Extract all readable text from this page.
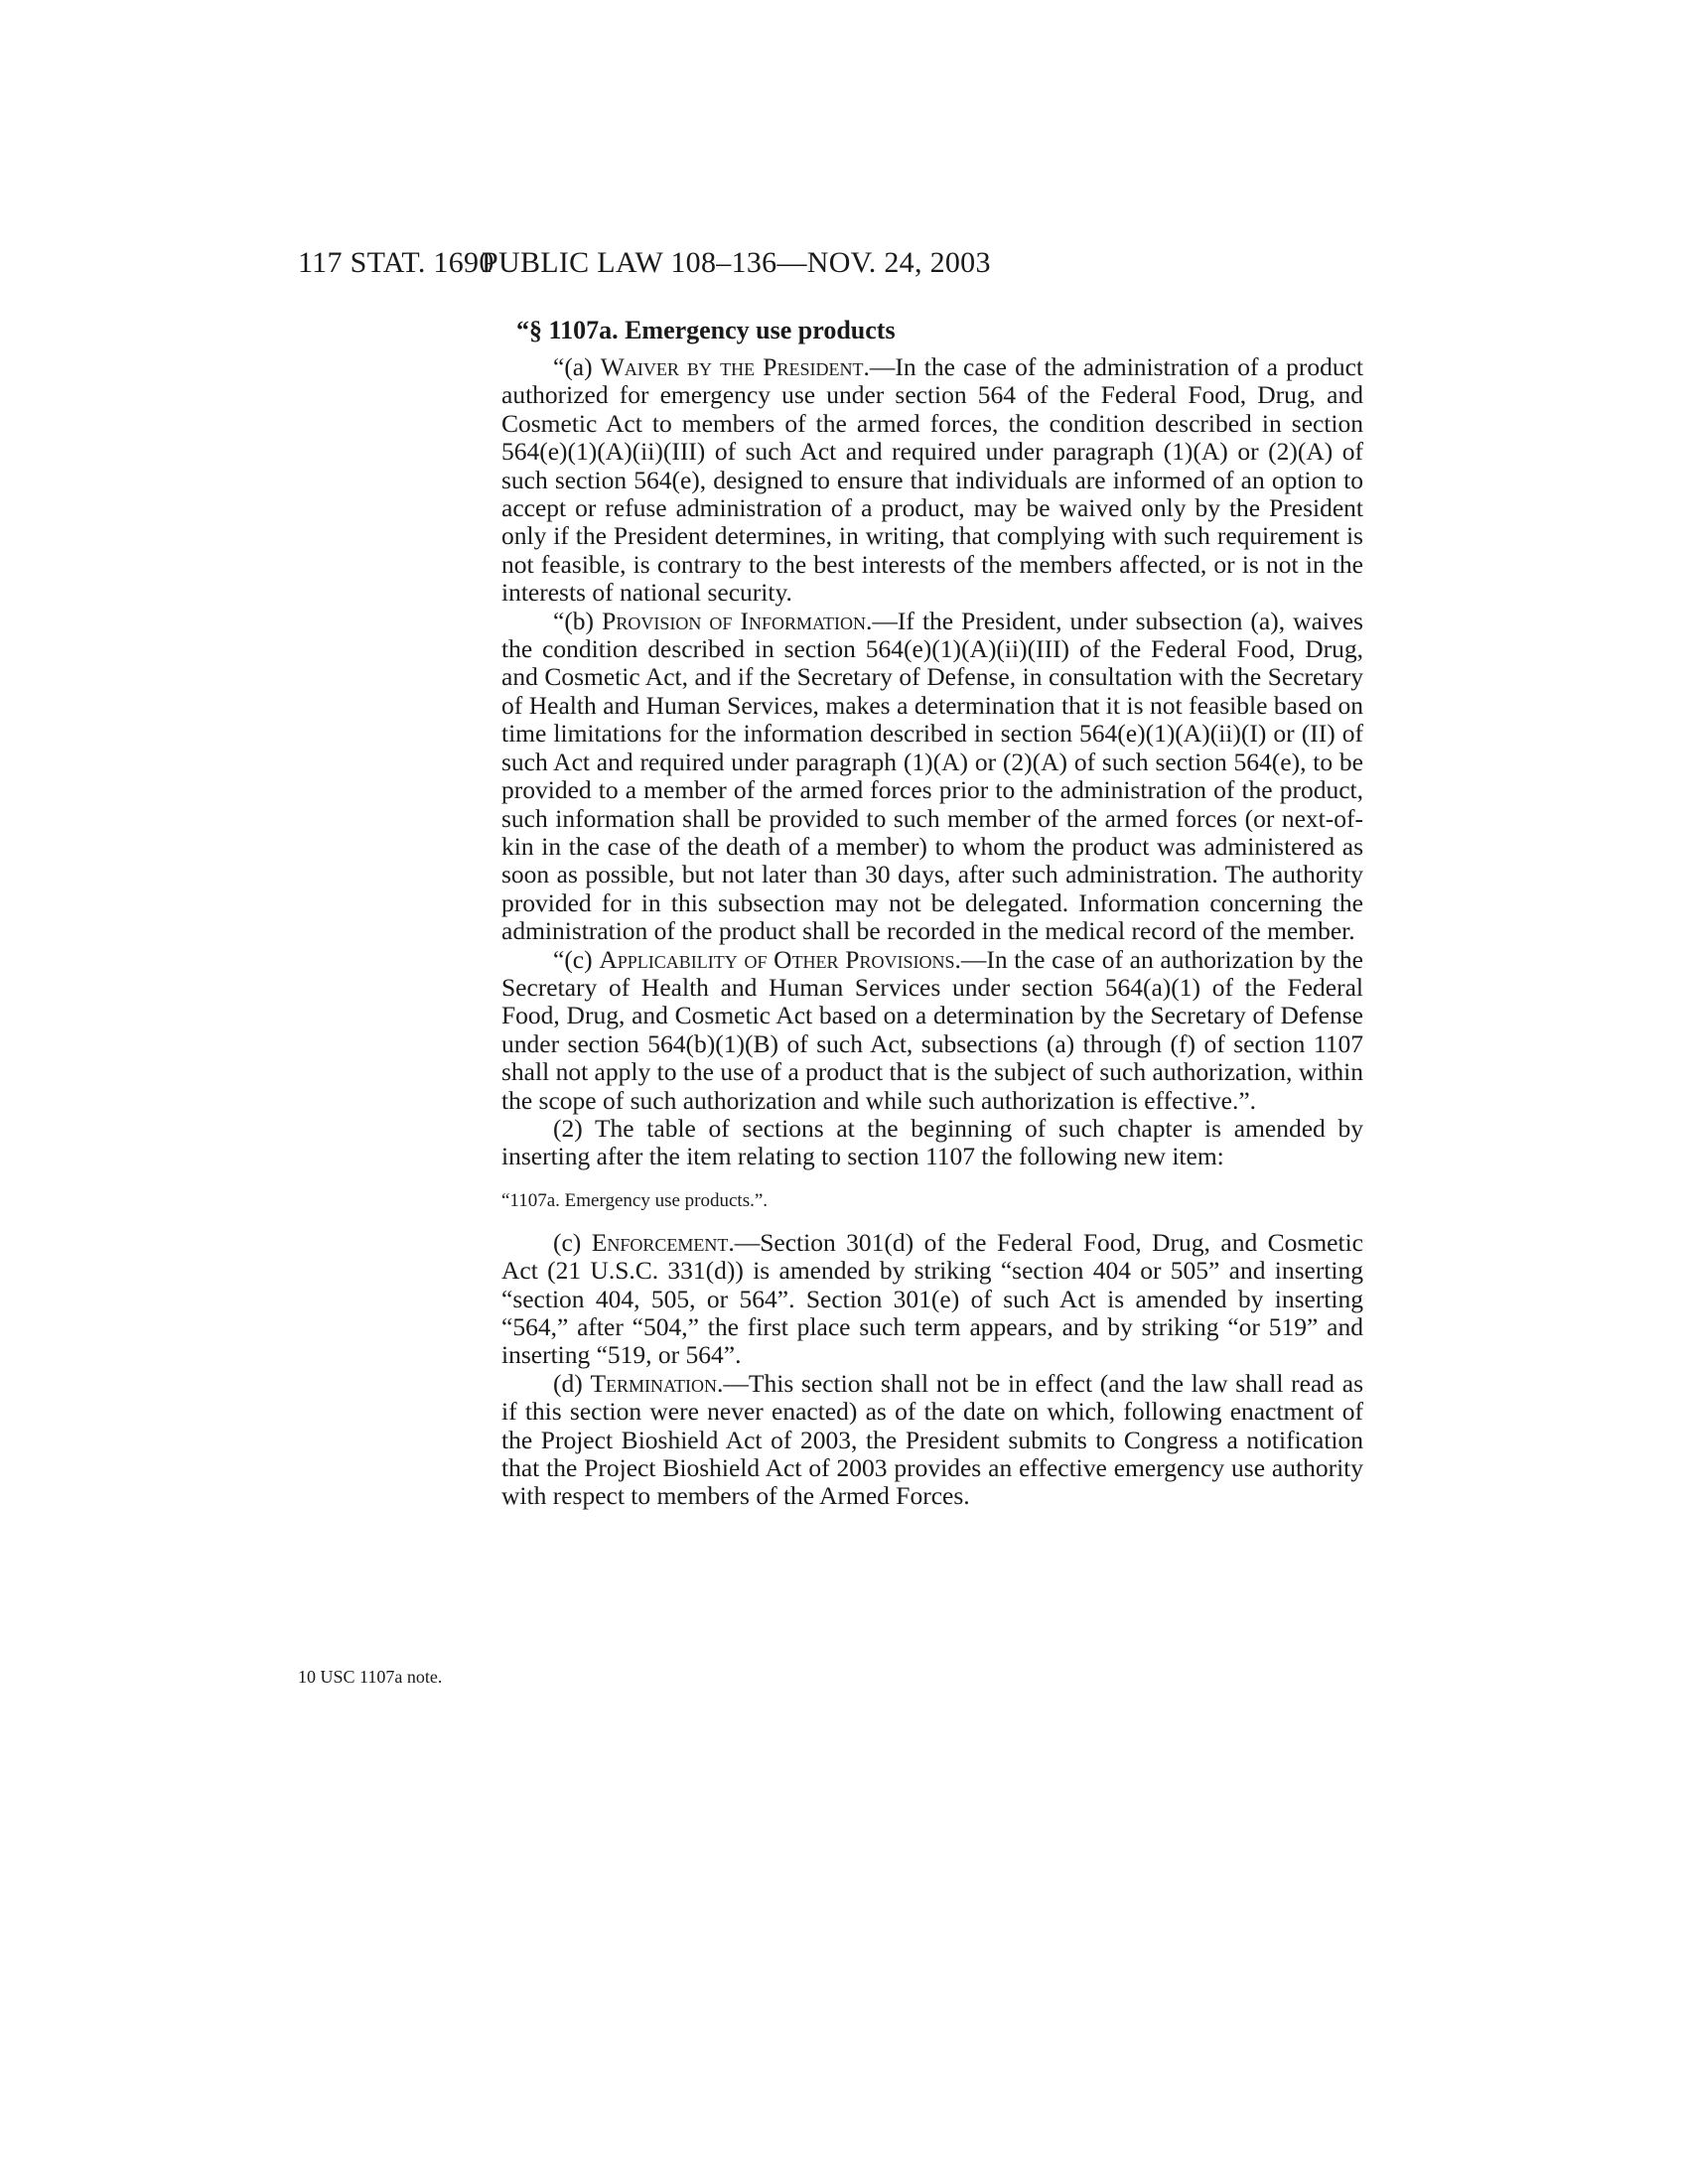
117 STAT. 1690
PUBLIC LAW 108–136—NOV. 24, 2003
“§ 1107a. Emergency use products

“(a) Waiver by the President.—In the case of the administration of a product authorized for emergency use under section 564 of the Federal Food, Drug, and Cosmetic Act to members of the armed forces, the condition described in section 564(e)(1)(A)(ii)(III) of such Act and required under paragraph (1)(A) or (2)(A) of such section 564(e), designed to ensure that individuals are informed of an option to accept or refuse administration of a product, may be waived only by the President only if the President determines, in writing, that complying with such requirement is not feasible, is contrary to the best interests of the members affected, or is not in the interests of national security.

“(b) Provision of Information.—If the President, under subsection (a), waives the condition described in section 564(e)(1)(A)(ii)(III) of the Federal Food, Drug, and Cosmetic Act, and if the Secretary of Defense, in consultation with the Secretary of Health and Human Services, makes a determination that it is not feasible based on time limitations for the information described in section 564(e)(1)(A)(ii)(I) or (II) of such Act and required under paragraph (1)(A) or (2)(A) of such section 564(e), to be provided to a member of the armed forces prior to the administration of the product, such information shall be provided to such member of the armed forces (or next-of-kin in the case of the death of a member) to whom the product was administered as soon as possible, but not later than 30 days, after such administration. The authority provided for in this subsection may not be delegated. Information concerning the administration of the product shall be recorded in the medical record of the member.

“(c) Applicability of Other Provisions.—In the case of an authorization by the Secretary of Health and Human Services under section 564(a)(1) of the Federal Food, Drug, and Cosmetic Act based on a determination by the Secretary of Defense under section 564(b)(1)(B) of such Act, subsections (a) through (f) of section 1107 shall not apply to the use of a product that is the subject of such authorization, within the scope of such authorization and while such authorization is effective.”.

(2) The table of sections at the beginning of such chapter is amended by inserting after the item relating to section 1107 the following new item:

“1107a. Emergency use products.”.

(c) Enforcement.—Section 301(d) of the Federal Food, Drug, and Cosmetic Act (21 U.S.C. 331(d)) is amended by striking “section 404 or 505” and inserting “section 404, 505, or 564”. Section 301(e) of such Act is amended by inserting “564,” after “504,” the first place such term appears, and by striking “or 519” and inserting “519, or 564”.

(d) Termination.—This section shall not be in effect (and the law shall read as if this section were never enacted) as of the date on which, following enactment of the Project Bioshield Act of 2003, the President submits to Congress a notification that the Project Bioshield Act of 2003 provides an effective emergency use authority with respect to members of the Armed Forces.

10 USC 1107a note.
